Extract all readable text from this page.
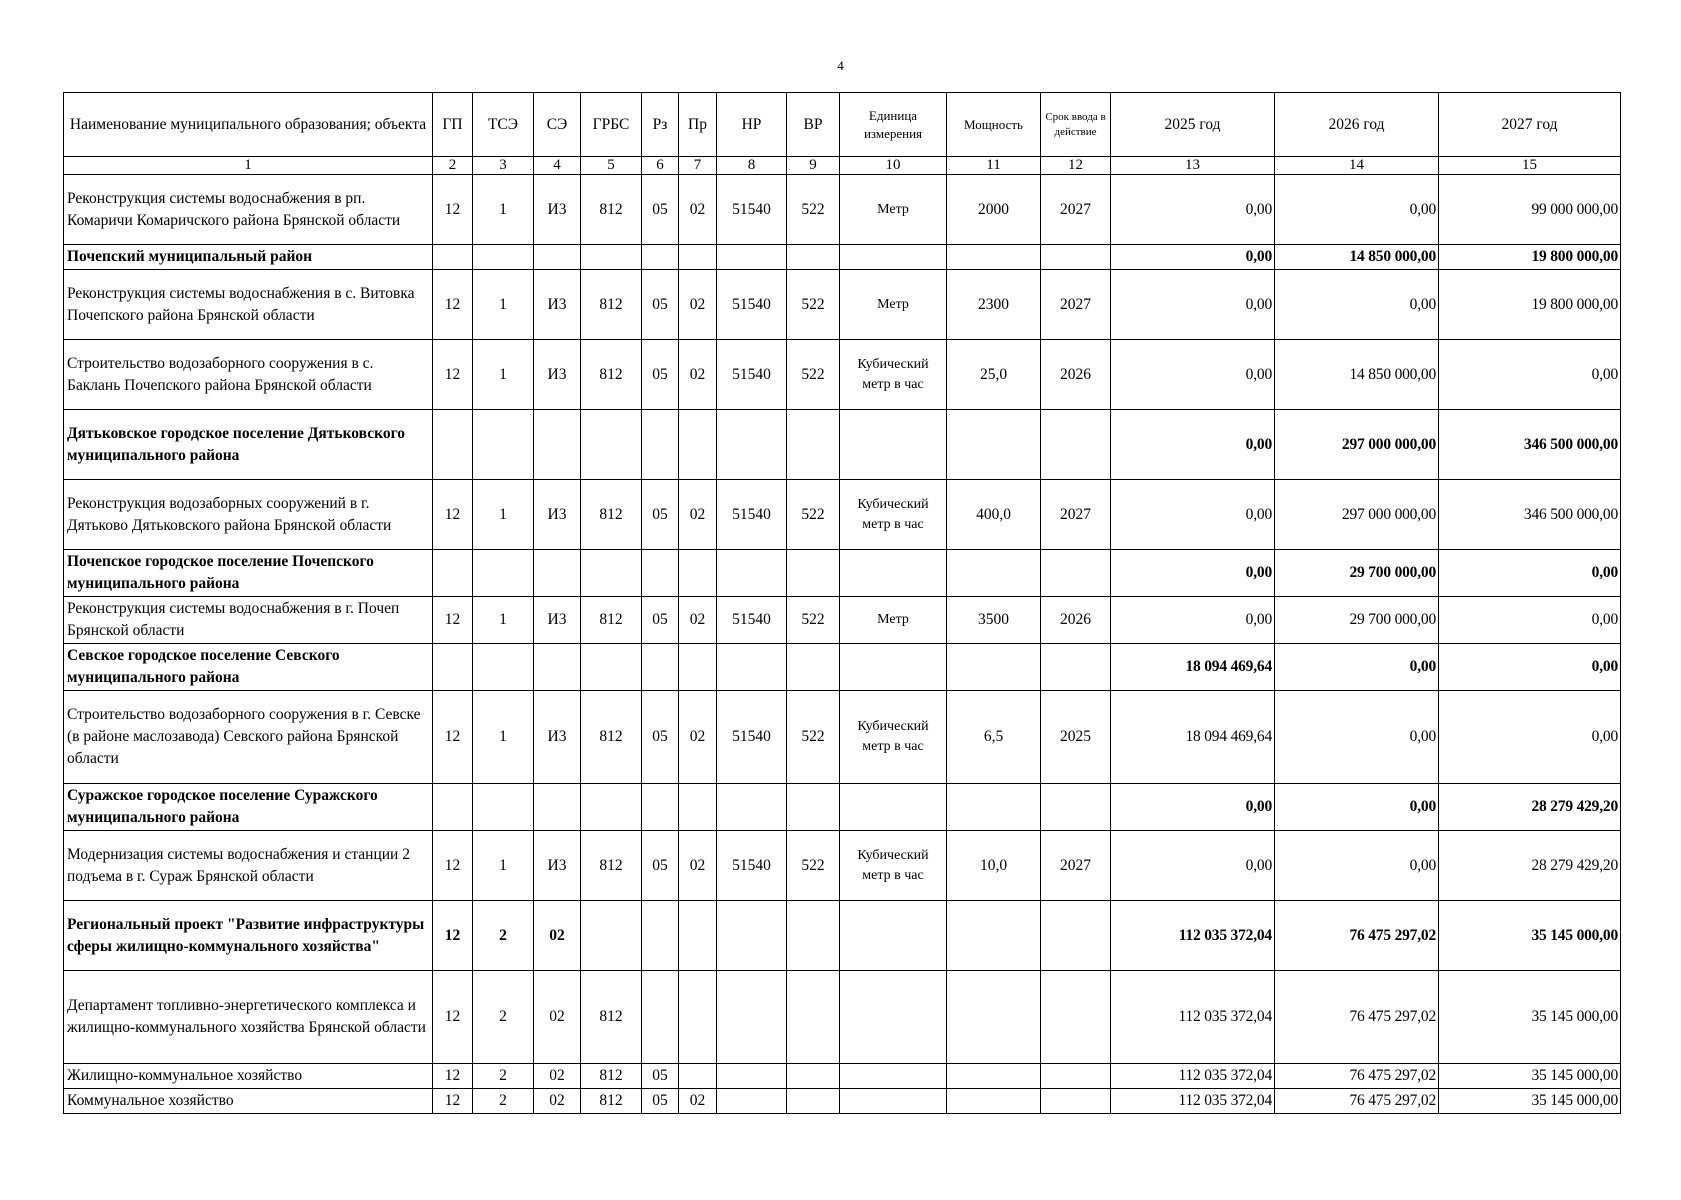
4
Наименование муниципального образования; объекта	ГП	ТСЭ	СЭ	ГРБС	Рз	Пр	НР	ВР	Единица измерения	Мощность	Срок ввода в действие	2025 год	2026 год	2027 год
1	2	3	4	5	6	7	8	9	10	11	12	13	14	15
Реконструкция системы водоснабжения в рп. Комаричи Комаричского района Брянской области	12	1	И3	812	05	02	51540	522	Метр	2000	2027	0,00	0,00	99 000 000,00
Почепский муниципальный район												0,00	14 850 000,00	19 800 000,00
Реконструкция системы водоснабжения в с. Витовка Почепского района Брянской области	12	1	И3	812	05	02	51540	522	Метр	2300	2027	0,00	0,00	19 800 000,00
Строительство водозаборного сооружения в с. Баклань Почепского района Брянской области	12	1	И3	812	05	02	51540	522	Кубический метр в час	25,0	2026	0,00	14 850 000,00	0,00
Дятьковское городское поселение Дятьковского муниципального района												0,00	297 000 000,00	346 500 000,00
Реконструкция водозаборных сооружений в г. Дятьково Дятьковского района Брянской области	12	1	И3	812	05	02	51540	522	Кубический метр в час	400,0	2027	0,00	297 000 000,00	346 500 000,00
Почепское городское поселение Почепского муниципального района												0,00	29 700 000,00	0,00
Реконструкция системы водоснабжения в г. Почеп Брянской области	12	1	И3	812	05	02	51540	522	Метр	3500	2026	0,00	29 700 000,00	0,00
Севское городское поселение Севского муниципального района												18 094 469,64	0,00	0,00
Строительство водозаборного сооружения в г. Севске (в районе маслозавода) Севского района Брянской области	12	1	И3	812	05	02	51540	522	Кубический метр в час	6,5	2025	18 094 469,64	0,00	0,00
Суражское городское поселение Суражского муниципального района												0,00	0,00	28 279 429,20
Модернизация системы водоснабжения и станции 2 подъема в г. Сураж Брянской области	12	1	И3	812	05	02	51540	522	Кубический метр в час	10,0	2027	0,00	0,00	28 279 429,20
Региональный проект "Развитие инфраструктуры сферы жилищно-коммунального хозяйства"	12	2	02									112 035 372,04	76 475 297,02	35 145 000,00
Департамент топливно-энергетического комплекса и жилищно-коммунального хозяйства Брянской области	12	2	02	812								112 035 372,04	76 475 297,02	35 145 000,00
Жилищно-коммунальное хозяйство	12	2	02	812	05							112 035 372,04	76 475 297,02	35 145 000,00
Коммунальное хозяйство	12	2	02	812	05	02						112 035 372,04	76 475 297,02	35 145 000,00
